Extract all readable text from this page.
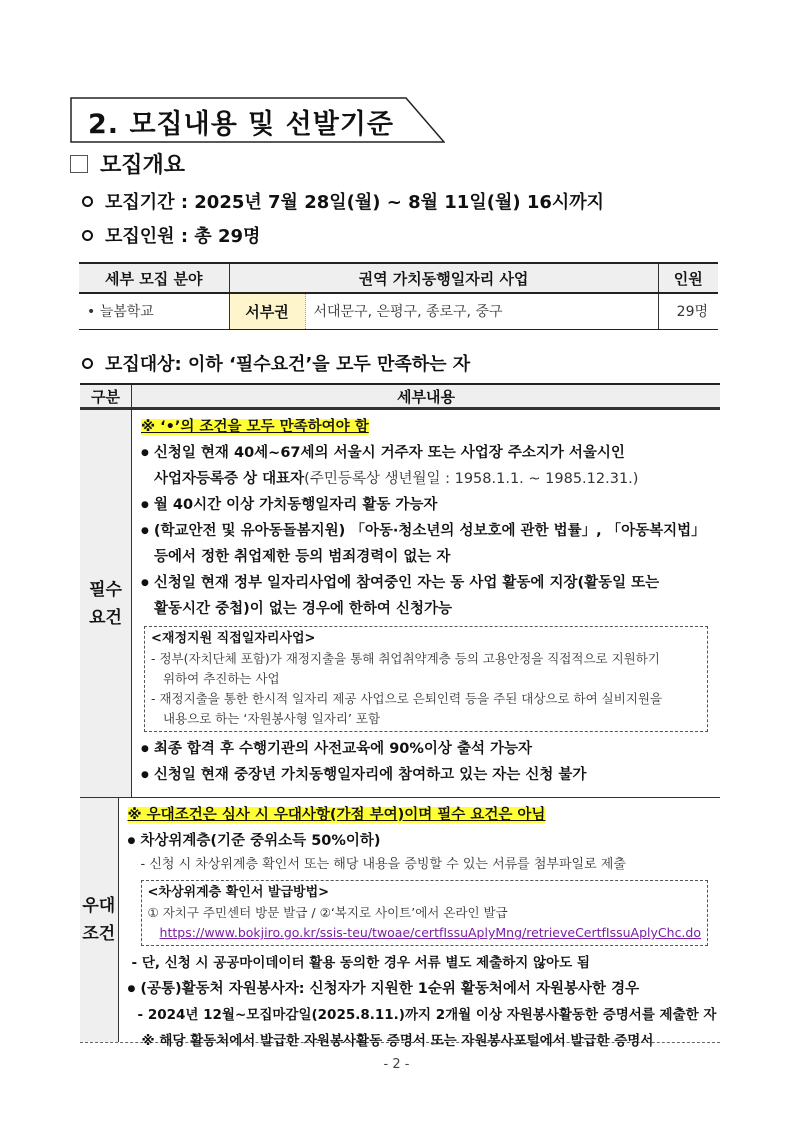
2. 모집내용 및 선발기준
모집개요
모집기간 : 2025년 7월 28일(월) ~ 8월 11일(월) 16시까지
모집인원 : 총 29명
세부 모집 분야	권역 가치동행일자리 사업		인원
• 늘봄학교	서부권	서대문구, 은평구, 종로구, 중구	29명
모집대상: 이하 ‘필수요건’을 모두 만족하는 자
구분	세부내용
필수
요건
※ ‘•’의 조건을 모두 만족하여야 함
● 신청일 현재 40세~67세의 서울시 거주자 또는 사업장 주소지가 서울시인
사업자등록증 상 대표자(주민등록상 생년월일 : 1958.1.1. ~ 1985.12.31.)
● 월 40시간 이상 가치동행일자리 활동 가능자
● (학교안전 및 유아동돌봄지원) 「아동·청소년의 성보호에 관한 법률」, 「아동복지법」
등에서 정한 취업제한 등의 범죄경력이 없는 자
● 신청일 현재 정부 일자리사업에 참여중인 자는 동 사업 활동에 지장(활동일 또는
활동시간 중첩)이 없는 경우에 한하여 신청가능
<재정지원 직접일자리사업>
- 정부(자치단체 포함)가 재정지출을 통해 취업취약계층 등의 고용안정을 직접적으로 지원하기
위하여 추진하는 사업
- 재정지출을 통한 한시적 일자리 제공 사업으로 은퇴인력 등을 주된 대상으로 하여 실비지원을
내용으로 하는 ‘자원봉사형 일자리’ 포함
● 최종 합격 후 수행기관의 사전교육에 90%이상 출석 가능자
● 신청일 현재 중장년 가치동행일자리에 참여하고 있는 자는 신청 불가
우대
조건
※ 우대조건은 심사 시 우대사항(가점 부여)이며 필수 요건은 아님
● 차상위계층(기준 중위소득 50%이하)
- 신청 시 차상위계층 확인서 또는 해당 내용을 증빙할 수 있는 서류를 첨부파일로 제출
<차상위계층 확인서 발급방법>
① 자치구 주민센터 방문 발급 / ②‘복지로 사이트’에서 온라인 발급
https://www.bokjiro.go.kr/ssis-teu/twoae/certfIssuAplyMng/retrieveCertfIssuAplyChc.do
- 단, 신청 시 공공마이데이터 활용 동의한 경우 서류 별도 제출하지 않아도 됨
● (공통)활동처 자원봉사자: 신청자가 지원한 1순위 활동처에서 자원봉사한 경우
- 2024년 12월~모집마감일(2025.8.11.)까지 2개월 이상 자원봉사활동한 증명서를 제출한 자
※ 해당 활동처에서 발급한 자원봉사활동 증명서 또는 자원봉사포털에서 발급한 증명서
- 2 -
